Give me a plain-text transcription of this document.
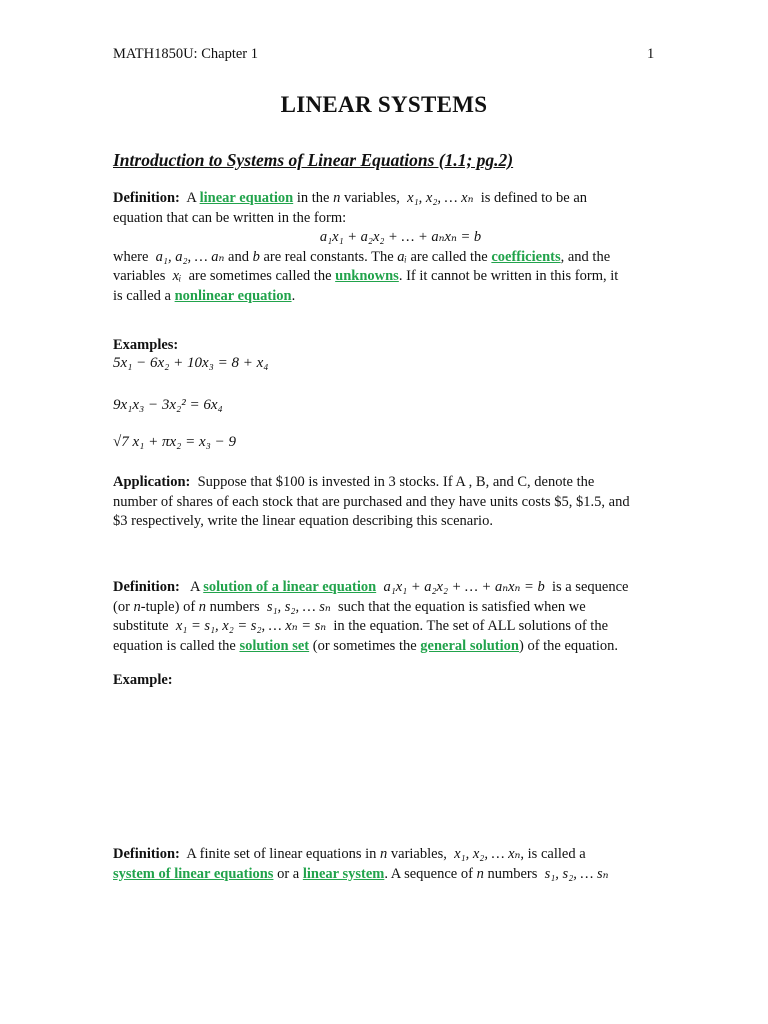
MATH1850U: Chapter 1	1
LINEAR SYSTEMS
Introduction to Systems of Linear Equations (1.1; pg.2)
Definition: A linear equation in the n variables, x₁, x₂, … xₙ is defined to be an
equation that can be written in the form:
a₁x₁ + a₂x₂ + … + aₙxₙ = b
where a₁, a₂, … aₙ and b are real constants. The aᵢ are called the coefficients, and the
variables xᵢ are sometimes called the unknowns. If it cannot be written in this form, it
is called a nonlinear equation.
Examples:
5x₁ − 6x₂ + 10x₃ = 8 + x₄
9x₁x₃ − 3x₂² = 6x₄
√7 x₁ + πx₂ = x₃ − 9
Application: Suppose that $100 is invested in 3 stocks. If A , B, and C, denote the
number of shares of each stock that are purchased and they have units costs $5, $1.5, and
$3 respectively, write the linear equation describing this scenario.
Definition: A solution of a linear equation a₁x₁ + a₂x₂ + … + aₙxₙ = b is a sequence
(or n-tuple) of n numbers s₁, s₂, … sₙ such that the equation is satisfied when we
substitute x₁ = s₁, x₂ = s₂, … xₙ = sₙ in the equation. The set of ALL solutions of the
equation is called the solution set (or sometimes the general solution) of the equation.
Example:
Definition: A finite set of linear equations in n variables, x₁, x₂, … xₙ, is called a
system of linear equations or a linear system. A sequence of n numbers s₁, s₂, … sₙ
